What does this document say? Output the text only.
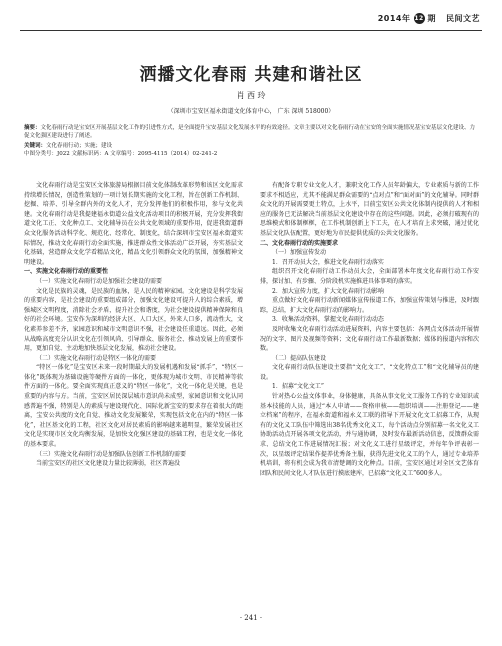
2014年 12 期 民间文艺
洒播文化春雨 共建和谐社区
肖 西 玲
（深圳市宝安区福永街道文化体育中心， 广东 深圳 518000）
摘要：文化春雨行动是宝安区开展基层文化工作的引进性方式，是全面提升宝安基层文化发展水平的有效途径。文章主要以对文化春雨行动在宝安的全面实施情况基宝安基层文化建设、力促文化强区建设进行了阐述。
关键词：文化春雨行动；实施；建设
中图分类号：J022 文献标识码：A 文章编号：2095-4115（2014）02-241-2

文化春雨行动是宝安区文体旅游局根据目前文化体制改革形势和该区文化需求持续增长情况，创造性策划的一项计划长期实施的文化工程，旨在创新工作机制、挖掘、培养、引导全群内外的文化人才，充分发挥他们的积极作用，参与文化共建。文化春雨行动是我提建福永街道公益文化活动项目的积极开展，充分发挥我街道文化工正、文化种点工、文化辅导员在公共文化领域的重要作用，促进我街道群众文化服务活动科学化、规范化、经常化、制度化，结合深圳市宝安区福永街道实际情况，推动文化春雨行动全面实施，推进群众性文体活动广泛开展，夯实基层文化基础，营造群众文化学看精品文化，精品文化引领群众文化的氛围，加强精神文明建设。

一、实施文化春雨行动的重要性
（一）实施文化春雨行动是加强社会建设的需要

文化是民族的灵魂，是民族的血脉，是人民的精神家园。文化建设是科学发展的重要内容，是社会建设的重要组成部分，加强文化建设可提升人的综合素质，增强城区文明程度，消除社会矛盾，提升社会和谐度，为社会建设提供精神保障和良好的社会环境。宝安作为深圳的经济大区、人口大区，外来人口多，流动性大，文化素养参差不齐，家园意识和城市文明意识不强，社会建设任重道远。因此，必须从战略高度充分认识文化在引领风尚、引导群众、服务社会、推动发展上的重要作用，更加自觉、主动地加快基层文化发展，推动社会建设。

（二）实施文化春雨行动是特区一体化的需要

“特区一体化”是宝安区未来一段时期最大的发展机遇和发展“抓手”，“特区一体化”既体现为基础设施等硬件方面的一体化，更体现为城市文明、市民精神等软件方面的一体化。要全面实现真正意义的“特区一体化”，文化一体化是关键，也是重要的内容与方。当前，宝安区居民深层城市意识尚未成型，家园意识和文化认同感普遍不强，特别是人的素质与建设现代化、国际化新宝安的要求存在着很大的距离，宝安公共度的文化自觉、推动文化发展繁荣，实现包括文化在内的“特区一体化”，社区基文化的工程，社区文化对居民素质的影响越来越明显，繁荣发展社区文化是实现市区文化均衡发展，是加快文化强区建设的基础工程，也是文化一体化的基本要求。

（三）实施文化春雨行动是加强队伍创新工作机制的需要

当前宝安区的社区文化建设力量比较薄弱，社区普遍没

有配备专职专业文化人才，兼职文化工作人员年龄偏大，专业素质与新的工作要求不相适应，尤其不能满足群众需要的“点对点”和“面对面”的文化辅导。同时群众文化的开展需要更土特点，上水平，目前宝安区公共文化体制内提供的人才和相应的服务已无法解决当前基层文化建设中存在的这些问题。因此，必须打破现有的思维模式和体制框框，在工作机制创新上下工夫，在人才培育上求突破，通过优化基层文化队伍配置，更好地为市民提供优质的公共文化服务。

二、文化春雨行动的实施要求
（一）加强宣传发动
1．召开动员大会，推进文化春雨行动落实

组织召开文化春雨行动工作动员大会，全面部署本年度文化春雨行动工作安排，探讨加、有步骤、分阶段机实施推进具体事项的落实。

2．加大宣传力度，扩大文化春雨行动影响

重点做好文化春雨行动新闻媒体宣传报道工作，加强宣传策划与推进，及时跟踪，总结，扩大文化春雨行动的影响力。

3．收集活动资料，掌握文化春雨行动动态

及时收集文化春雨行动活动进展资料，内容主要包括：各网点文体活动开展情况的文字、图片及视频等资料；文化春雨行动工作最新数据；媒体的报道内容和次数。

（二）提高队伍建设

文化春雨行动队伍建设主要指“文化文工”、“文化特点工”和“文化辅导员的建设。

1．招募“文化文工”

针对热心公益文体事业，身体健康，具备从事文化文工服务工作的专业知识或基本技能的人员，通过“本人申请——资格审核——组织培训——注册登记——建立档案”的程序，在福永街道和福永义工联的指导下开展文化文工招募工作，从现有的文化义工队伍中筛选出38名优秀文化义工，每个活动点分别招募一名文化义工协助活动点开展各项文化活动，并与通协调，及时发布最新活动信息，反馈群众需求、总结文化工作进展情况汇报；对文化义工进行星级评定，并每年争评表彰一次，以星级评定结果作提养优秀备主服，获得先进文化义工的个人，通过专业培养机培训，将有机会成为我市清楚调的文化种点。目前，宝安区通过对全区文艺体育团队和民间文化人才队伍进行摸底建库，已招募“文化义工”600多人。

· 241 ·
